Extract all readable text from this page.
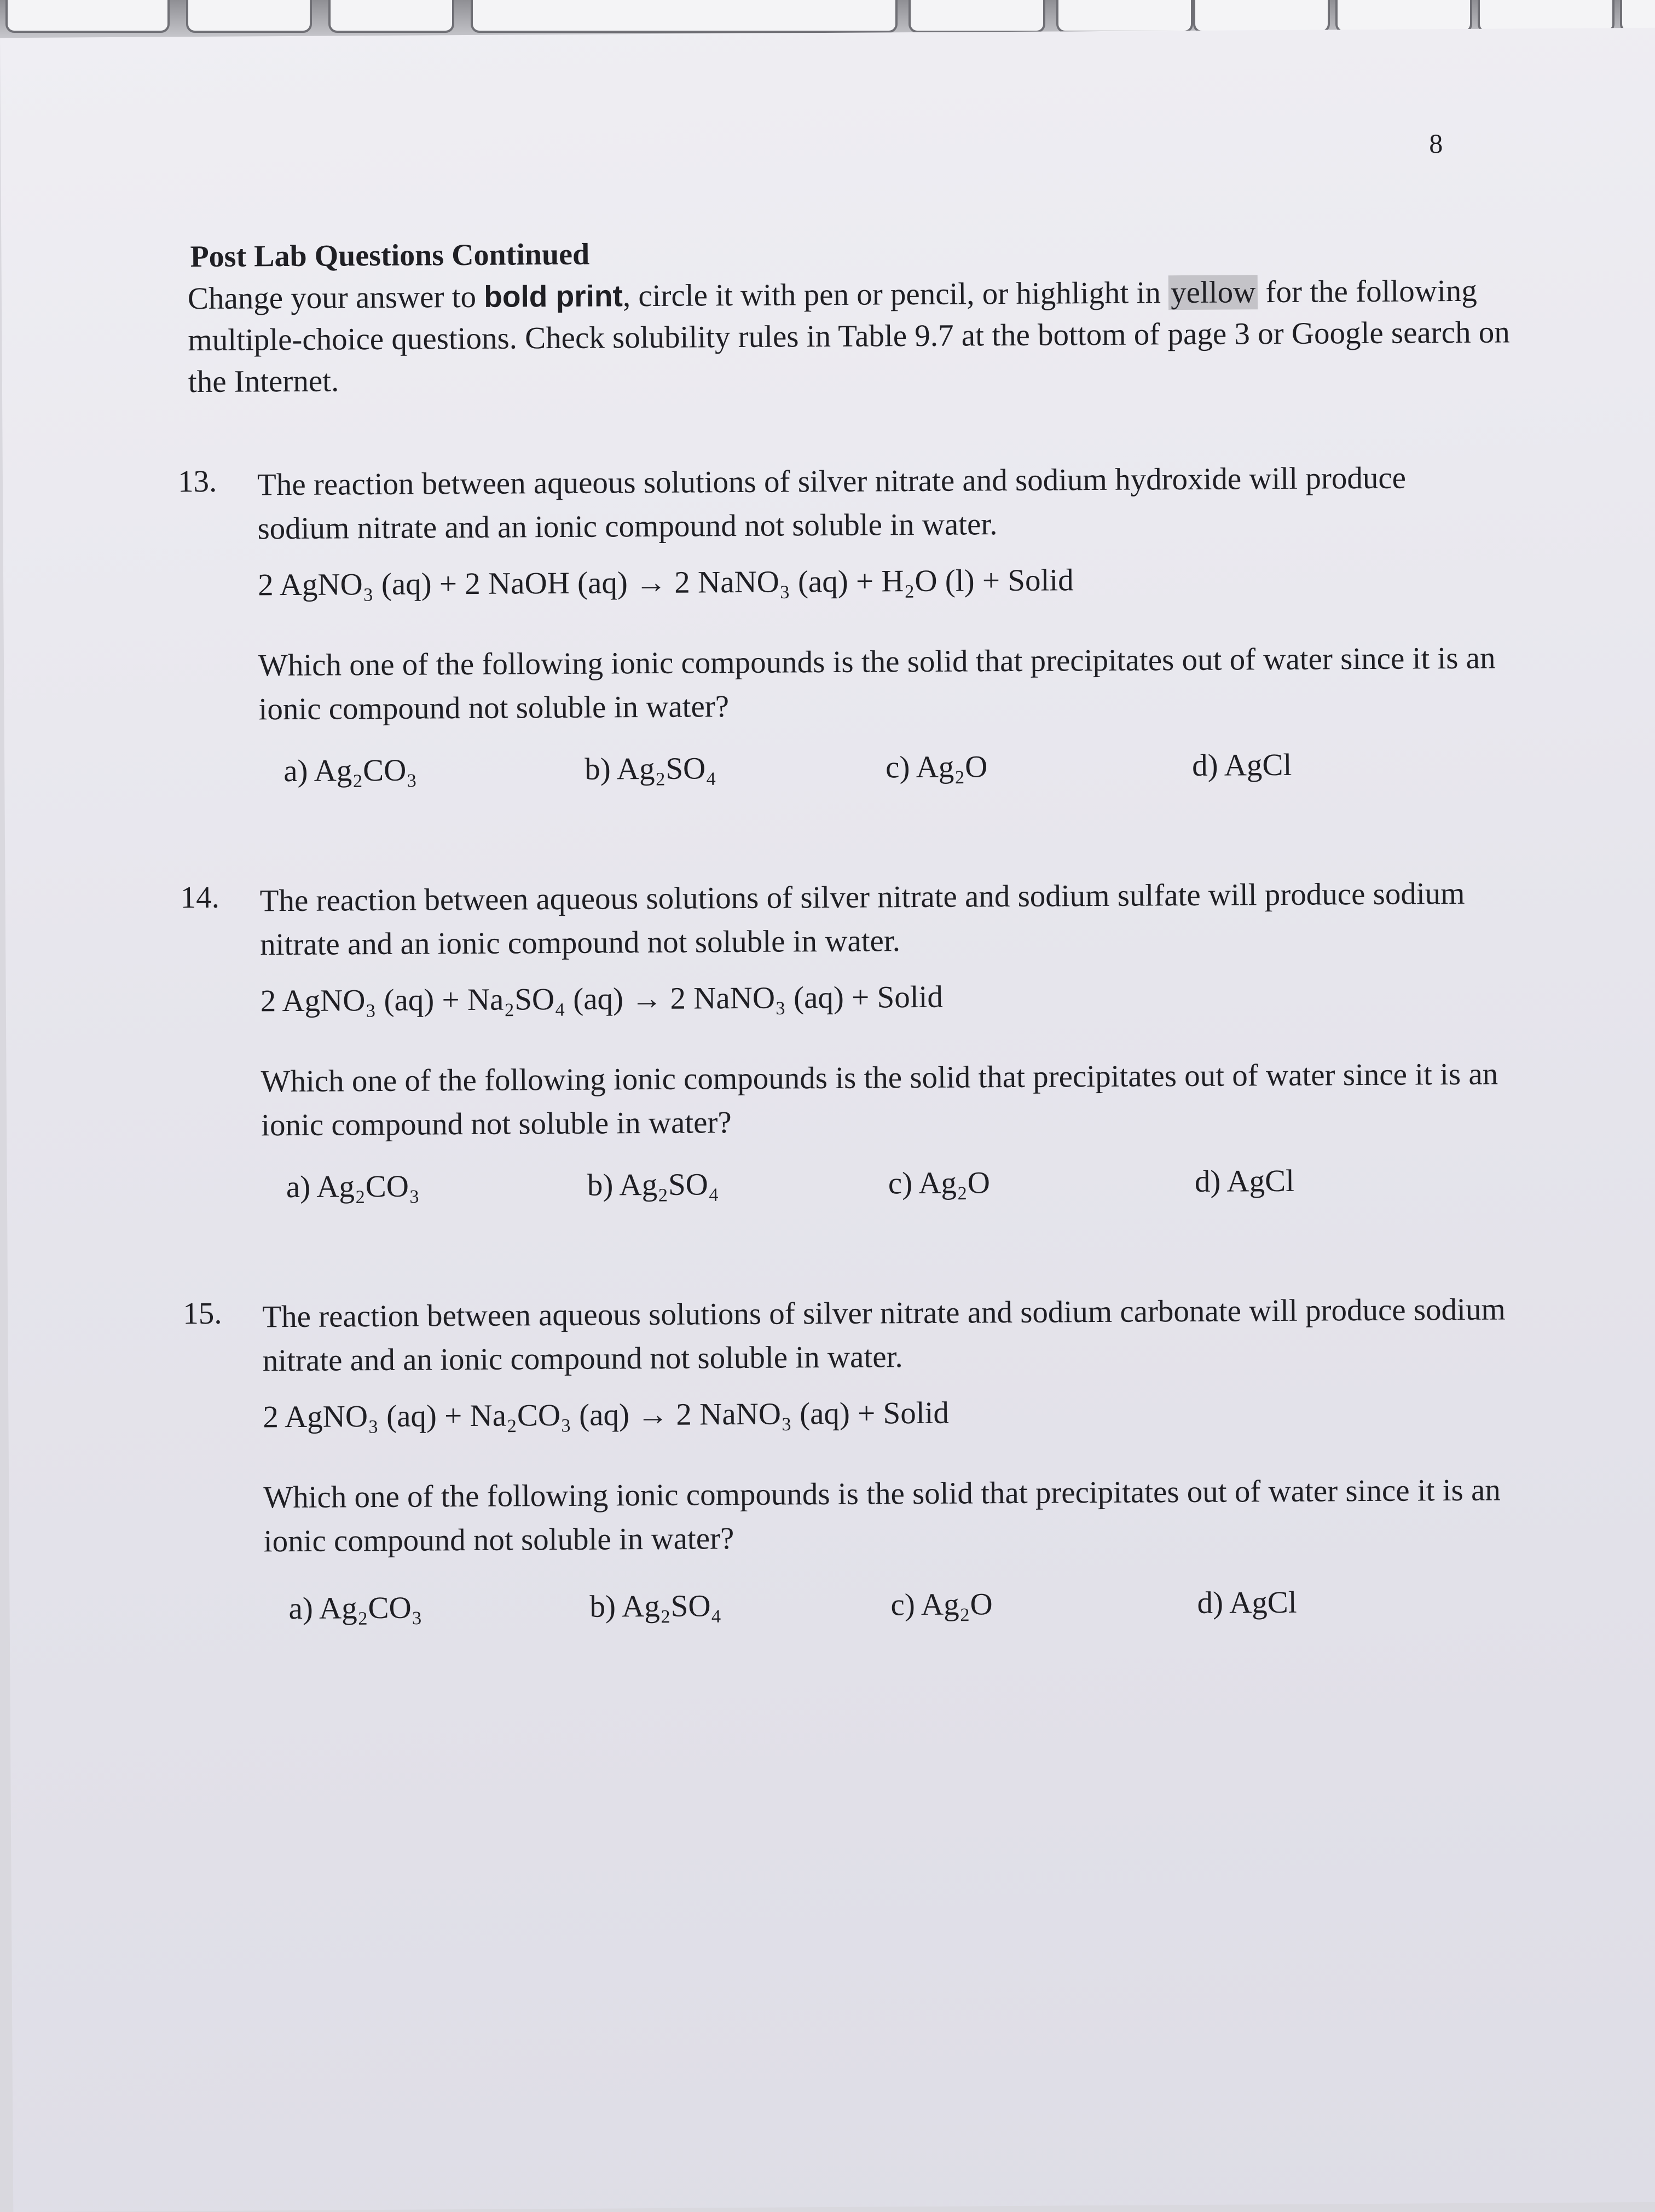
8
Post Lab Questions Continued
Change your answer to bold print, circle it with pen or pencil, or highlight in yellow for the following multiple-choice questions. Check solubility rules in Table 9.7 at the bottom of page 3 or Google search on the Internet.
13. The reaction between aqueous solutions of silver nitrate and sodium hydroxide will produce sodium nitrate and an ionic compound not soluble in water.
2 AgNO₃ (aq) + 2 NaOH (aq) → 2 NaNO₃ (aq) + H₂O (l) + Solid
Which one of the following ionic compounds is the solid that precipitates out of water since it is an ionic compound not soluble in water?
a) Ag₂CO₃	b) Ag₂SO₄	c) Ag₂O	d) AgCl
14. The reaction between aqueous solutions of silver nitrate and sodium sulfate will produce sodium nitrate and an ionic compound not soluble in water.
2 AgNO₃ (aq) + Na₂SO₄ (aq) → 2 NaNO₃ (aq) + Solid
Which one of the following ionic compounds is the solid that precipitates out of water since it is an ionic compound not soluble in water?
a) Ag₂CO₃	b) Ag₂SO₄	c) Ag₂O	d) AgCl
15. The reaction between aqueous solutions of silver nitrate and sodium carbonate will produce sodium nitrate and an ionic compound not soluble in water.
2 AgNO₃ (aq) + Na₂CO₃ (aq) → 2 NaNO₃ (aq) + Solid
Which one of the following ionic compounds is the solid that precipitates out of water since it is an ionic compound not soluble in water?
a) Ag₂CO₃	b) Ag₂SO₄	c) Ag₂O	d) AgCl
